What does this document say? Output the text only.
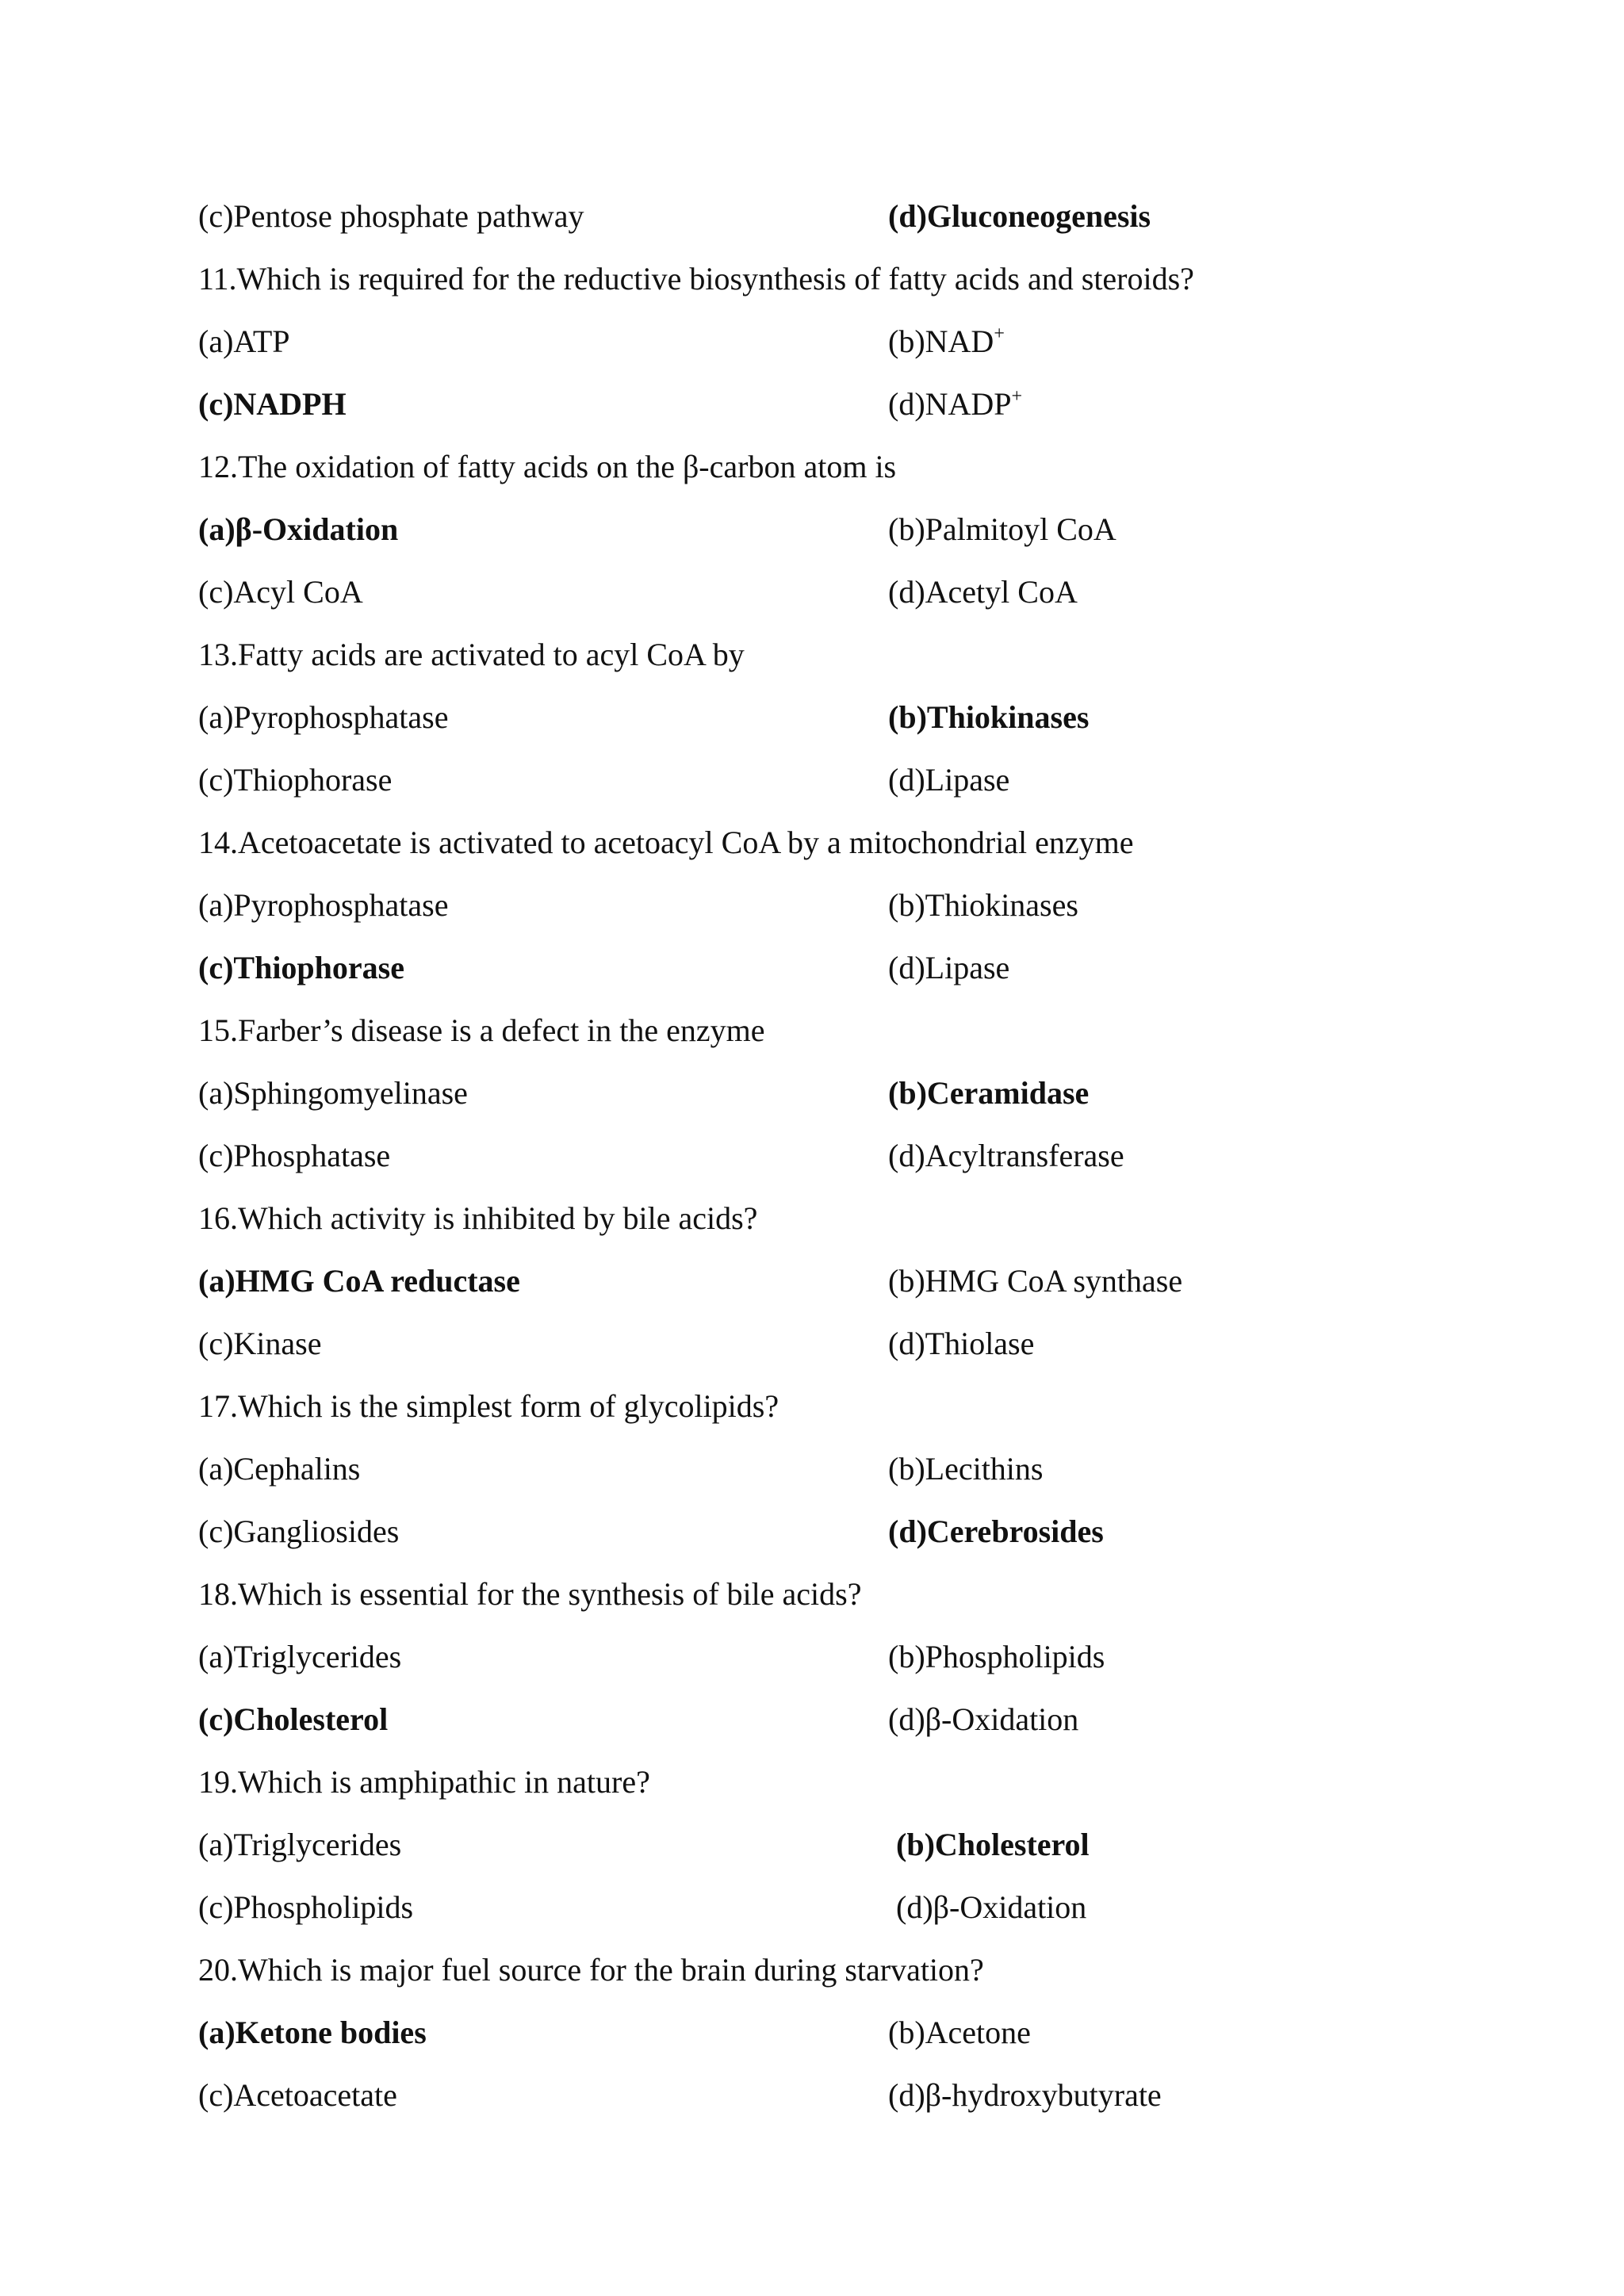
(c)Pentose phosphate pathway	(d)Gluconeogenesis
11.Which is required for the reductive biosynthesis of fatty acids and steroids?
(a)ATP	(b)NAD+
(c)NADPH	(d)NADP+
12.The oxidation of fatty acids on the β-carbon atom is
(a)β-Oxidation	(b)Palmitoyl CoA
(c)Acyl CoA	(d)Acetyl CoA
13.Fatty acids are activated to acyl CoA by
(a)Pyrophosphatase	(b)Thiokinases
(c)Thiophorase	(d)Lipase
14.Acetoacetate is activated to acetoacyl CoA by a mitochondrial enzyme
(a)Pyrophosphatase	(b)Thiokinases
(c)Thiophorase	(d)Lipase
15.Farber’s disease is a defect in the enzyme
(a)Sphingomyelinase	(b)Ceramidase
(c)Phosphatase	(d)Acyltransferase
16.Which activity is inhibited by bile acids?
(a)HMG CoA reductase	(b)HMG CoA synthase
(c)Kinase	(d)Thiolase
17.Which is the simplest form of glycolipids?
(a)Cephalins	(b)Lecithins
(c)Gangliosides	(d)Cerebrosides
18.Which is essential for the synthesis of bile acids?
(a)Triglycerides	(b)Phospholipids
(c)Cholesterol	(d)β-Oxidation
19.Which is amphipathic in nature?
(a)Triglycerides	(b)Cholesterol
(c)Phospholipids	(d)β-Oxidation
20.Which is major fuel source for the brain during starvation?
(a)Ketone bodies	(b)Acetone
(c)Acetoacetate	(d)β-hydroxybutyrate
